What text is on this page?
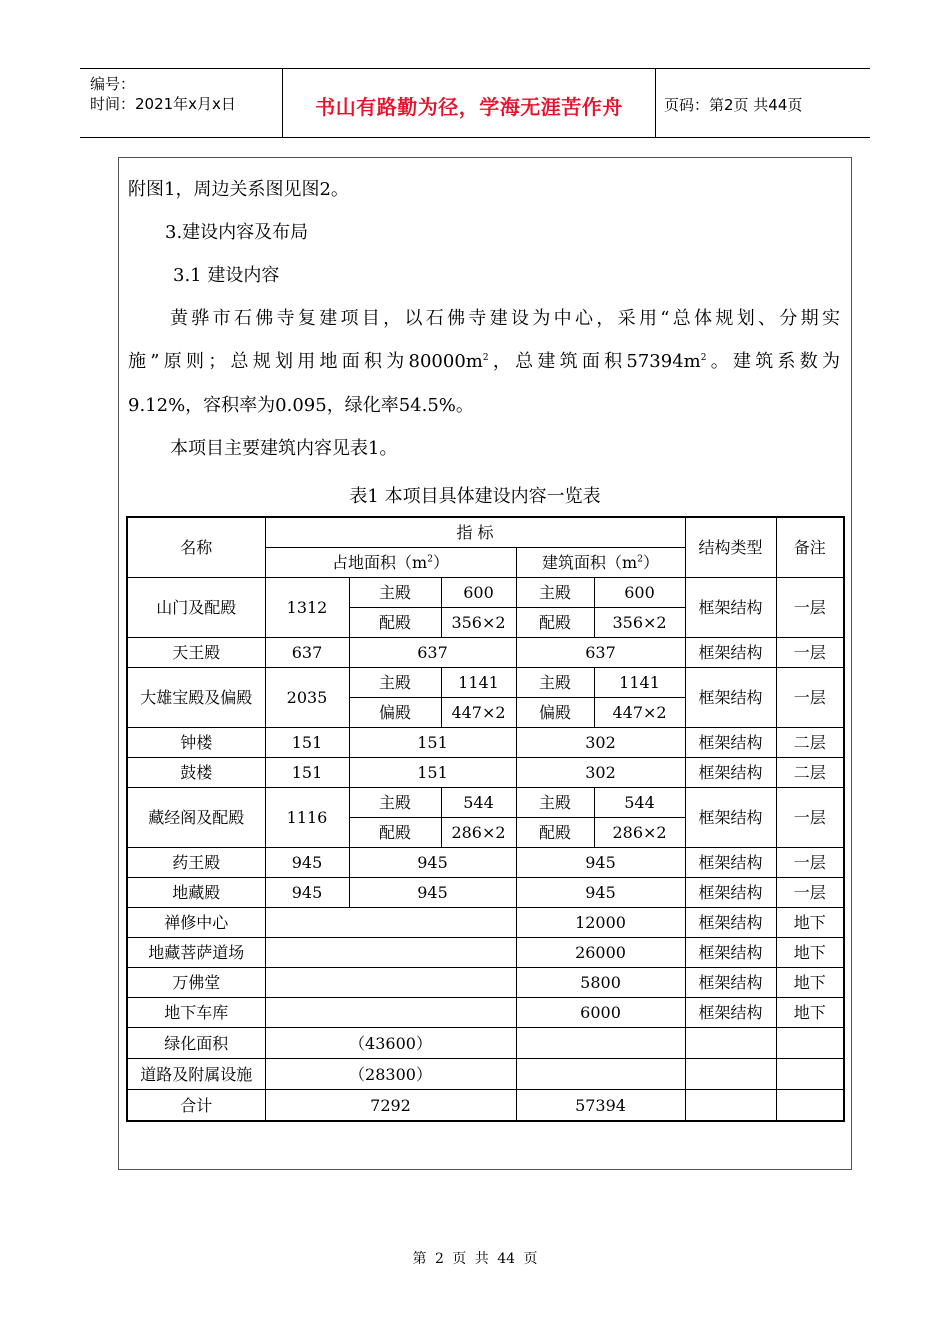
编号：
时间：2021年x月x日	书山有路勤为径，学海无涯苦作舟	页码：第2页 共44页
附图1，周边关系图见图2。
3.建设内容及布局
3.1 建设内容
黄骅市石佛寺复建项目，以石佛寺建设为中心，采用“总体规划、分期实
施”原则；总规划用地面积为$80000m^2$，总建筑面积$57394m^2$。建筑系数为
9.12%，容积率为0.095，绿化率54.5%。
本项目主要建筑内容见表1。
表1 本项目具体建设内容一览表
名称	指 标					结构类型	备注
	占地面积$(m^2)$			建筑面积$(m^2)$			
山门及配殿	1312	主殿	600	主殿	600	框架结构	一层
		配殿	356×2	配殿	356×2		
天王殿	637	637		637		框架结构	一层
大雄宝殿及偏殿	2035	主殿	1141	主殿	1141	框架结构	一层
		偏殿	447×2	偏殿	447×2		
钟楼	151	151		302		框架结构	二层
鼓楼	151	151		302		框架结构	二层
藏经阁及配殿	1116	主殿	544	主殿	544	框架结构	一层
		配殿	286×2	配殿	286×2		
药王殿	945	945		945		框架结构	一层
地藏殿	945	945		945		框架结构	一层
禅修中心				12000		框架结构	地下
地藏菩萨道场				26000		框架结构	地下
万佛堂				5800		框架结构	地下
地下车库				6000		框架结构	地下
绿化面积	（43600）						
道路及附属设施	（28300）						
合计	7292			57394			
第 2 页 共 44 页
